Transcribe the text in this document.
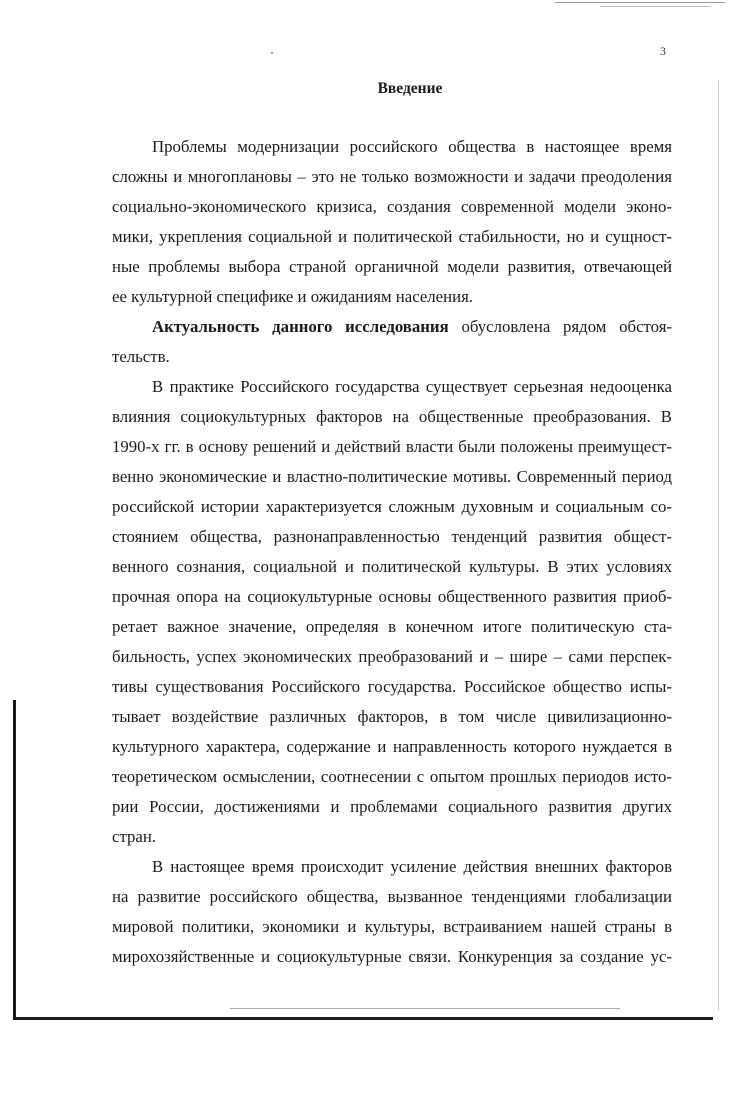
3
Введение
Проблемы модернизации российского общества в настоящее время
сложны и многоплановы – это не только возможности и задачи преодоления
социально-экономического кризиса, создания современной модели эконо-
мики, укрепления социальной и политической стабильности, но и сущност-
ные проблемы выбора страной органичной модели развития, отвечающей
ее культурной специфике и ожиданиям населения.
Актуальность данного исследования обусловлена рядом обстоя-
тельств.
В практике Российского государства существует серьезная недооценка
влияния социокультурных факторов на общественные преобразования. В
1990-х гг. в основу решений и действий власти были положены преимущест-
венно экономические и властно-политические мотивы. Современный период
российской истории характеризуется сложным духовным и социальным со-
стоянием общества, разнонаправленностью тенденций развития общест-
венного сознания, социальной и политической культуры. В этих условиях
прочная опора на социокультурные основы общественного развития приоб-
ретает важное значение, определяя в конечном итоге политическую ста-
бильность, успех экономических преобразований и – шире – сами перспек-
тивы существования Российского государства. Российское общество испы-
тывает воздействие различных факторов, в том числе цивилизационно-
культурного характера, содержание и направленность которого нуждается в
теоретическом осмыслении, соотнесении с опытом прошлых периодов исто-
рии России, достижениями и проблемами социального развития других
стран.
В настоящее время происходит усиление действия внешних факторов
на развитие российского общества, вызванное тенденциями глобализации
мировой политики, экономики и культуры, встраиванием нашей страны в
мирохозяйственные и социокультурные связи. Конкуренция за создание ус-
